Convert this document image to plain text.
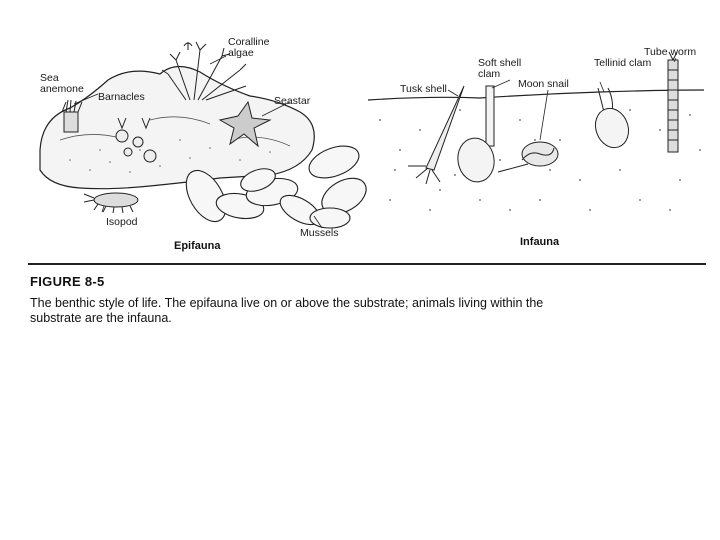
Sea anemone
Barnacles
Coralline algae
Seastar
Isopod
Mussels
Tusk shell
Soft shell clam
Moon snail
Tellinid clam
Tube worm
Epifauna	Infauna
FIGURE 8-5
The benthic style of life. The epifauna live on or above the substrate; animals living within the substrate are the infauna.
